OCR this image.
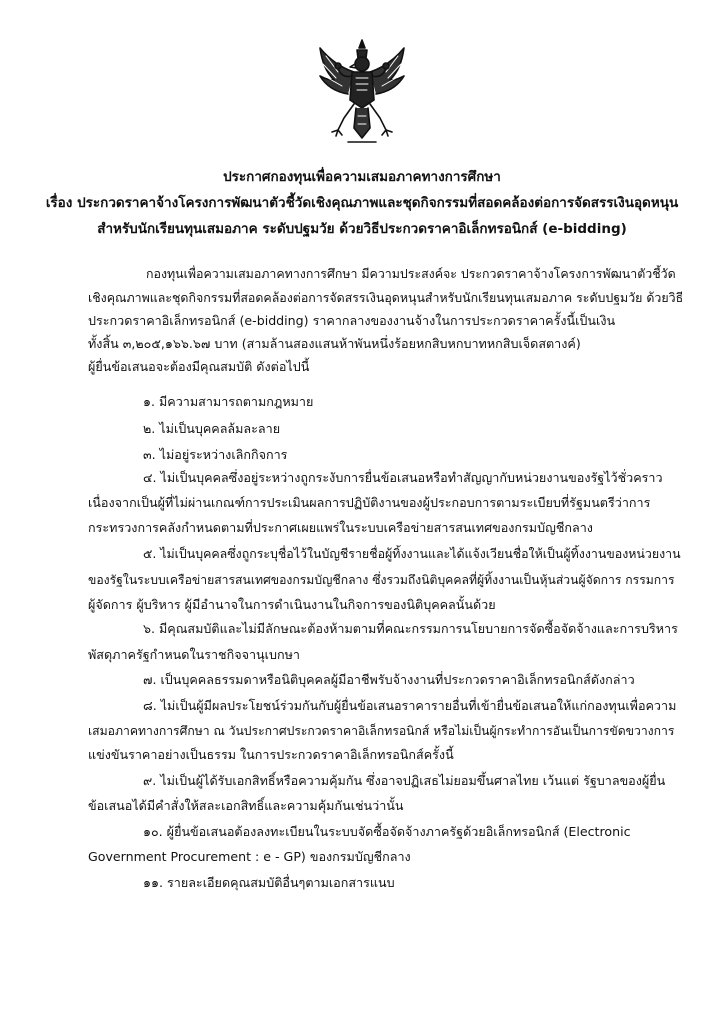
ประกาศกองทุนเพื่อความเสมอภาคทางการศึกษา
เรื่อง ประกวดราคาจ้างโครงการพัฒนาตัวชี้วัดเชิงคุณภาพและชุดกิจกรรมที่สอดคล้องต่อการจัดสรรเงินอุดหนุน
สำหรับนักเรียนทุนเสมอภาค ระดับปฐมวัย ด้วยวิธีประกวดราคาอิเล็กทรอนิกส์ (e-bidding)
กองทุนเพื่อความเสมอภาคทางการศึกษา มีความประสงค์จะ ประกวดราคาจ้างโครงการพัฒนาตัวชี้วัด
เชิงคุณภาพและชุดกิจกรรมที่สอดคล้องต่อการจัดสรรเงินอุดหนุนสำหรับนักเรียนทุนเสมอภาค ระดับปฐมวัย ด้วยวิธี
ประกวดราคาอิเล็กทรอนิกส์ (e-bidding) ราคากลางของงานจ้างในการประกวดราคาครั้งนี้เป็นเงิน
ทั้งสิ้น ๓,๒๐๕,๑๖๖.๖๗ บาท (สามล้านสองแสนห้าพันหนึ่งร้อยหกสิบหกบาทหกสิบเจ็ดสตางค์)
ผู้ยื่นข้อเสนอจะต้องมีคุณสมบัติ ดังต่อไปนี้
๑. มีความสามารถตามกฎหมาย
๒. ไม่เป็นบุคคลล้มละลาย
๓. ไม่อยู่ระหว่างเลิกกิจการ
๔. ไม่เป็นบุคคลซึ่งอยู่ระหว่างถูกระงับการยื่นข้อเสนอหรือทำสัญญากับหน่วยงานของรัฐไว้ชั่วคราว
เนื่องจากเป็นผู้ที่ไม่ผ่านเกณฑ์การประเมินผลการปฏิบัติงานของผู้ประกอบการตามระเบียบที่รัฐมนตรีว่าการ
กระทรวงการคลังกำหนดตามที่ประกาศเผยแพร่ในระบบเครือข่ายสารสนเทศของกรมบัญชีกลาง
๕. ไม่เป็นบุคคลซึ่งถูกระบุชื่อไว้ในบัญชีรายชื่อผู้ทิ้งงานและได้แจ้งเวียนชื่อให้เป็นผู้ทิ้งงานของหน่วยงาน
ของรัฐในระบบเครือข่ายสารสนเทศของกรมบัญชีกลาง ซึ่งรวมถึงนิติบุคคลที่ผู้ทิ้งงานเป็นหุ้นส่วนผู้จัดการ กรรมการ
ผู้จัดการ ผู้บริหาร ผู้มีอำนาจในการดำเนินงานในกิจการของนิติบุคคลนั้นด้วย
๖. มีคุณสมบัติและไม่มีลักษณะต้องห้ามตามที่คณะกรรมการนโยบายการจัดซื้อจัดจ้างและการบริหาร
พัสดุภาครัฐกำหนดในราชกิจจานุเบกษา
๗. เป็นบุคคลธรรมดาหรือนิติบุคคลผู้มีอาชีพรับจ้างงานที่ประกวดราคาอิเล็กทรอนิกส์ดังกล่าว
๘. ไม่เป็นผู้มีผลประโยชน์ร่วมกันกับผู้ยื่นข้อเสนอราคารายอื่นที่เข้ายื่นข้อเสนอให้แก่กองทุนเพื่อความ
เสมอภาคทางการศึกษา ณ วันประกาศประกวดราคาอิเล็กทรอนิกส์ หรือไม่เป็นผู้กระทำการอันเป็นการขัดขวางการ
แข่งขันราคาอย่างเป็นธรรม ในการประกวดราคาอิเล็กทรอนิกส์ครั้งนี้
๙. ไม่เป็นผู้ได้รับเอกสิทธิ์หรือความคุ้มกัน ซึ่งอาจปฏิเสธไม่ยอมขึ้นศาลไทย เว้นแต่ รัฐบาลของผู้ยื่น
ข้อเสนอได้มีคำสั่งให้สละเอกสิทธิ์และความคุ้มกันเช่นว่านั้น
๑๐. ผู้ยื่นข้อเสนอต้องลงทะเบียนในระบบจัดซื้อจัดจ้างภาครัฐด้วยอิเล็กทรอนิกส์ (Electronic
Government Procurement : e - GP) ของกรมบัญชีกลาง
๑๑. รายละเอียดคุณสมบัติอื่นๆตามเอกสารแนบ
